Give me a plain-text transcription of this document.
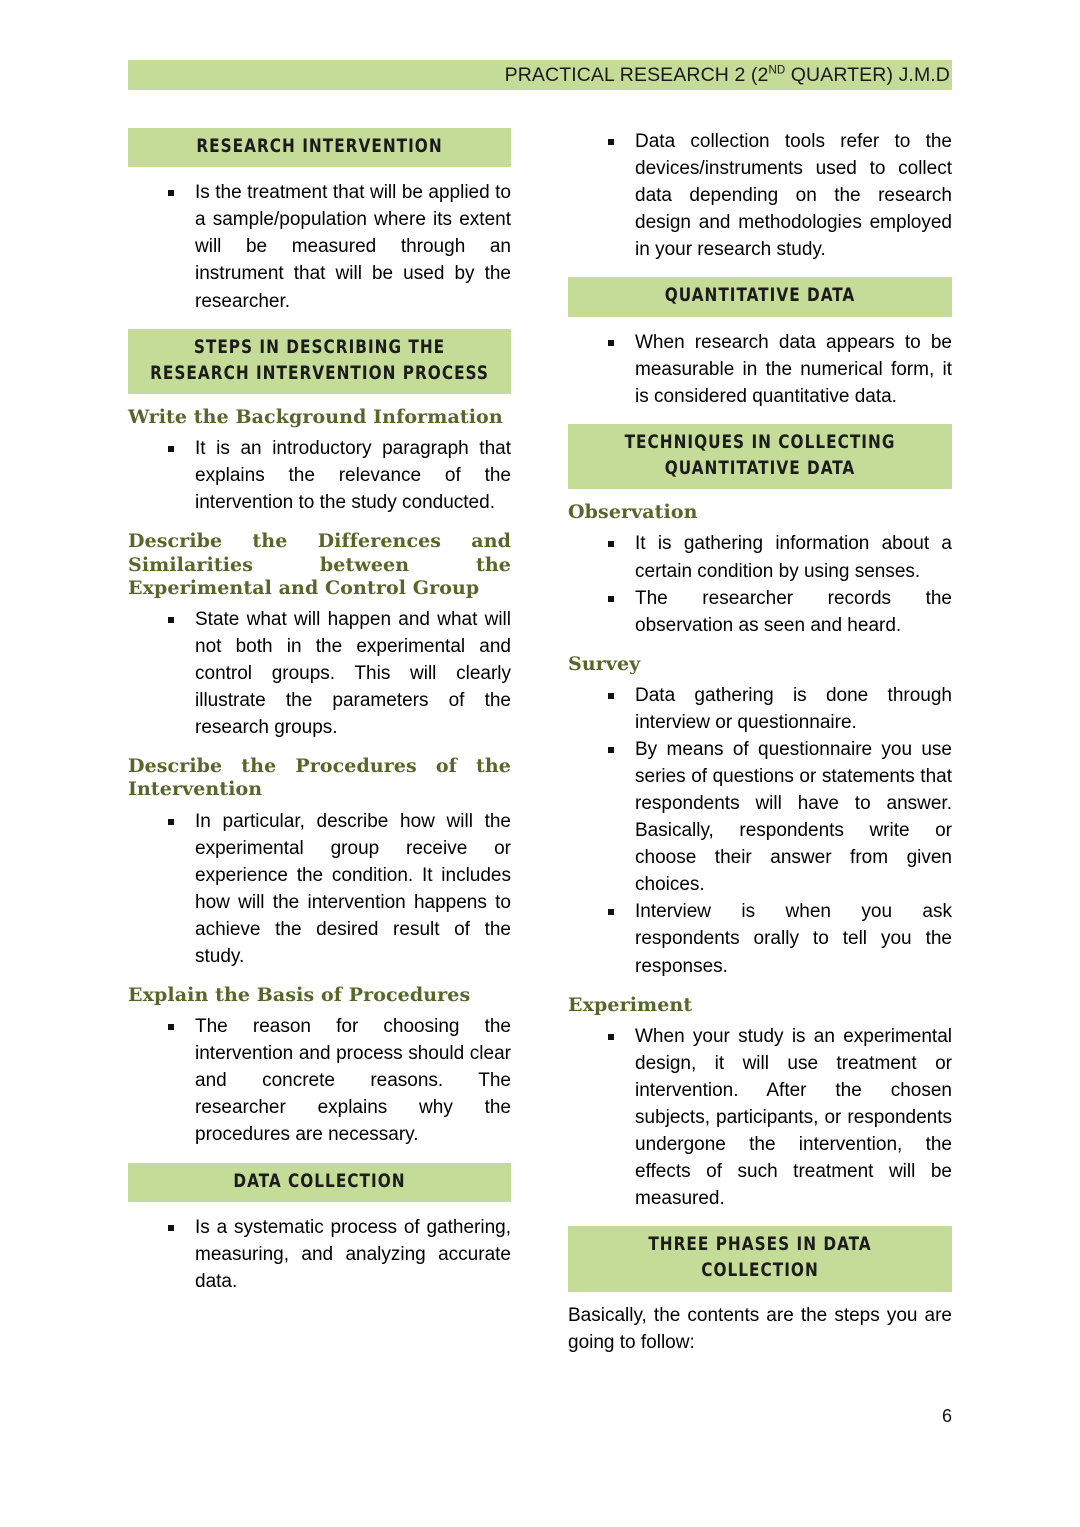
PRACTICAL RESEARCH 2 (2ND QUARTER) J.M.D
RESEARCH INTERVENTION
Is the treatment that will be applied to a sample/population where its extent will be measured through an instrument that will be used by the researcher.
STEPS IN DESCRIBING THE RESEARCH INTERVENTION PROCESS
Write the Background Information
It is an introductory paragraph that explains the relevance of the intervention to the study conducted.
Describe the Differences and Similarities between the Experimental and Control Group
State what will happen and what will not both in the experimental and control groups. This will clearly illustrate the parameters of the research groups.
Describe the Procedures of the Intervention
In particular, describe how will the experimental group receive or experience the condition. It includes how will the intervention happens to achieve the desired result of the study.
Explain the Basis of Procedures
The reason for choosing the intervention and process should clear and concrete reasons. The researcher explains why the procedures are necessary.
DATA COLLECTION
Is a systematic process of gathering, measuring, and analyzing accurate data.
Data collection tools refer to the devices/instruments used to collect data depending on the research design and methodologies employed in your research study.
QUANTITATIVE DATA
When research data appears to be measurable in the numerical form, it is considered quantitative data.
TECHNIQUES IN COLLECTING QUANTITATIVE DATA
Observation
It is gathering information about a certain condition by using senses.
The researcher records the observation as seen and heard.
Survey
Data gathering is done through interview or questionnaire.
By means of questionnaire you use series of questions or statements that respondents will have to answer. Basically, respondents write or choose their answer from given choices.
Interview is when you ask respondents orally to tell you the responses.
Experiment
When your study is an experimental design, it will use treatment or intervention. After the chosen subjects, participants, or respondents undergone the intervention, the effects of such treatment will be measured.
THREE PHASES IN DATA COLLECTION

Basically, the contents are the steps you are going to follow:

6
